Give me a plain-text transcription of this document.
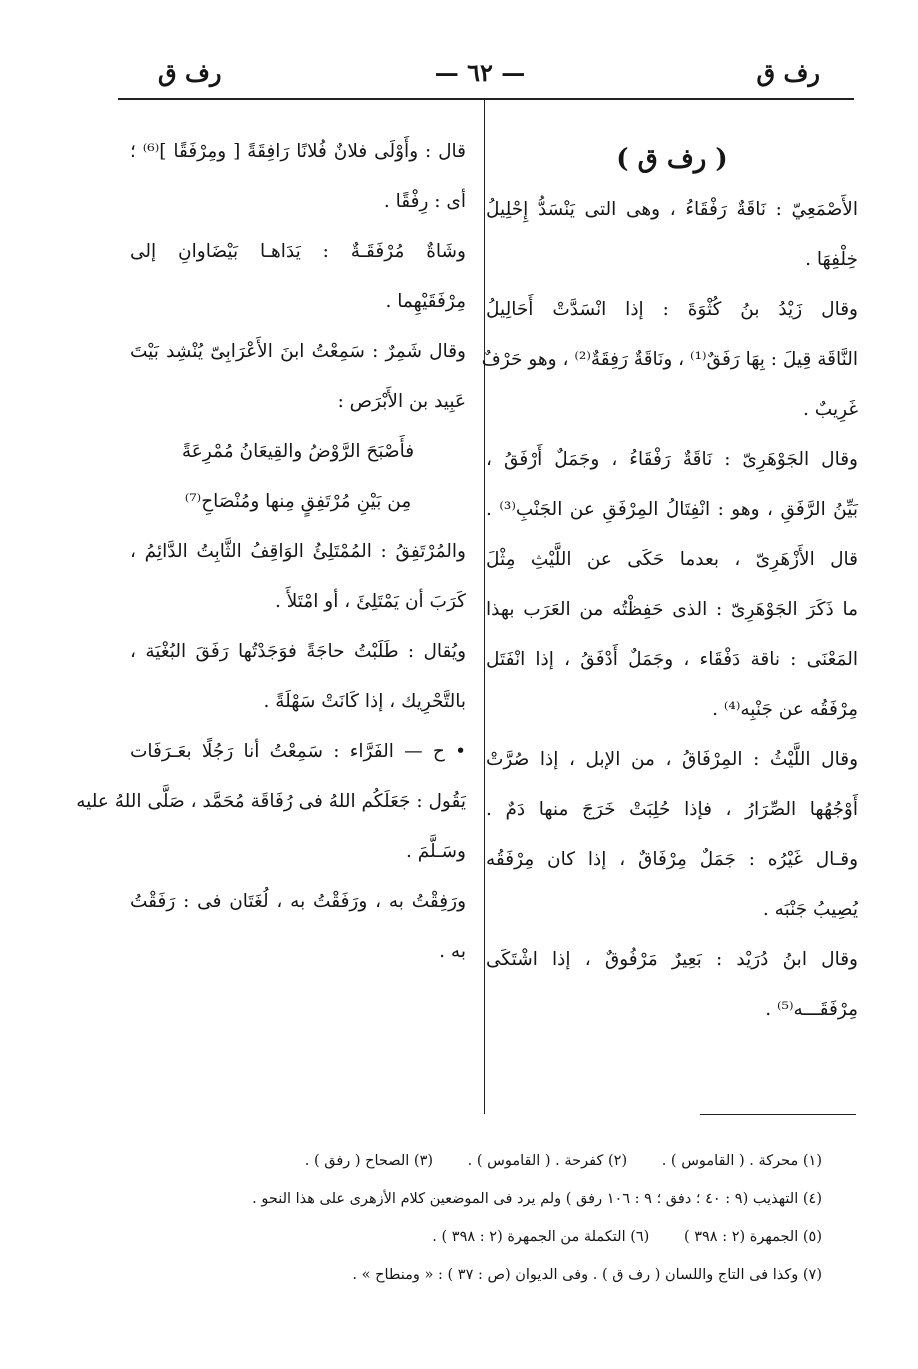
رف ق
— ٦٢ —
رف ق
( رف ق )
الأَصْمَعِيّ : نَاقَةٌ رَفْقَاءُ ، وهى التى يَنْسَدُّ إِحْلِيلُ
خِلْفِهَا .
وقال زَيْدُ بنُ كُثْوَةَ : إذا انْسَدَّتْ أَحَالِيلُ
النَّاقَة قِيلَ : بِهَا رَفَقٌ⁽¹⁾ ، ونَاقَةٌ رَفِقَةٌ⁽²⁾ ، وهو حَرْفٌ
غَرِيبٌ .
وقال الجَوْهَرِىّ : نَاقَةٌ رَفْقَاءُ ، وجَمَلٌ أَرْفَقُ ،
بَيِّنُ الرَّفَقِ ، وهو : انْفِتَالُ المِرْفَقِ عن الجَنْبِ⁽³⁾ .
قال الأَزْهَرِىّ ، بعدما حَكَى عن اللَّيْثِ مِثْلَ
ما ذَكَرَ الجَوْهَرِىّ : الذى حَفِظْتُه من العَرَب بهذا
المَعْنَى : ناقة دَفْقَاء ، وجَمَلٌ أَدْفَقُ ، إذا انْفَتَل
مِرْفَقُه عن جَنْبِه⁽⁴⁾ .
وقال اللَّيْثُ : المِرْفَاقُ ، من الإبل ، إذا صُرَّتْ
أَوْجُهُها الصِّرَارُ ، فإذا حُلِبَتْ خَرَجَ منها دَمٌ .
وقـال غَيْرُه : جَمَلٌ مِرْفَاقٌ ، إذا كان مِرْفَقُه
يُصِيبُ جَنْبَه .
وقال ابنُ دُرَيْد : بَعِيرٌ مَرْفُوقٌ ، إذا اشْتَكَى
مِرْفَقَـــه⁽⁵⁾ .
قال : وأَوْلَى فلانٌ فُلانًا رَافِقَةً [ ومِرْفَقًا ]⁽⁶⁾ ؛
أى : رِفْقًا .
وشَاةٌ مُرْفَقَـةٌ : يَدَاهـا بَيْضَاوانِ إلى
مِرْفَقَيْهِما .
وقال شَمِرٌ : سَمِعْتُ ابنَ الأَعْرَابِىّ يُنْشِد بَيْتَ
عَبِيد بن الأَبْرَص :
فأَصْبَحَ الرَّوْضُ والقِيعَانُ مُمْرِعَةً
مِن بَيْنِ مُرْتَفِقٍ مِنها ومُنْصَاحِ⁽⁷⁾
والمُرْتَفِقُ : المُمْتَلِئُ الوَاقِفُ الثَّابِتُ الدَّائِمُ ،
كَرَبَ أن يَمْتَلِئَ ، أو امْتَلأَ .
ويُقال : طَلَبْتُ حاجَةً فوَجَدْتُها رَفَقَ البُغْيَة ،
بالتَّحْرِيك ، إذا كَانَتْ سَهْلَةً .
• ح — الفَرَّاء : سَمِعْتُ أنا رَجُلًا بعَـرَفَات
يَقُول : جَعَلَكُم اللهُ فى رُفَاقَة مُحَمَّد ، صَلَّى اللهُ عليه
وسَـلَّمَ .
ورَفِقْتُ به ، ورَفَقْتُ به ، لُغَتَان فى : رَفَقْتُ
به .
(١) محركة . ( القاموس ) . (٢) كفرحة . ( القاموس ) . (٣) الصحاح ( رفق ) .
(٤) التهذيب (٩ : ٤٠ ؛ دفق ؛ ٩ : ١٠٦ رفق ) ولم يرد فى الموضعين كلام الأزهرى على هذا النحو .
(٥) الجمهرة (٢ : ٣٩٨ ) (٦) التكملة من الجمهرة (٢ : ٣٩٨ ) .
(٧) وكذا فى التاج واللسان ( رف ق ) . وفى الديوان (ص : ٣٧ ) : « ومنطاح » .
